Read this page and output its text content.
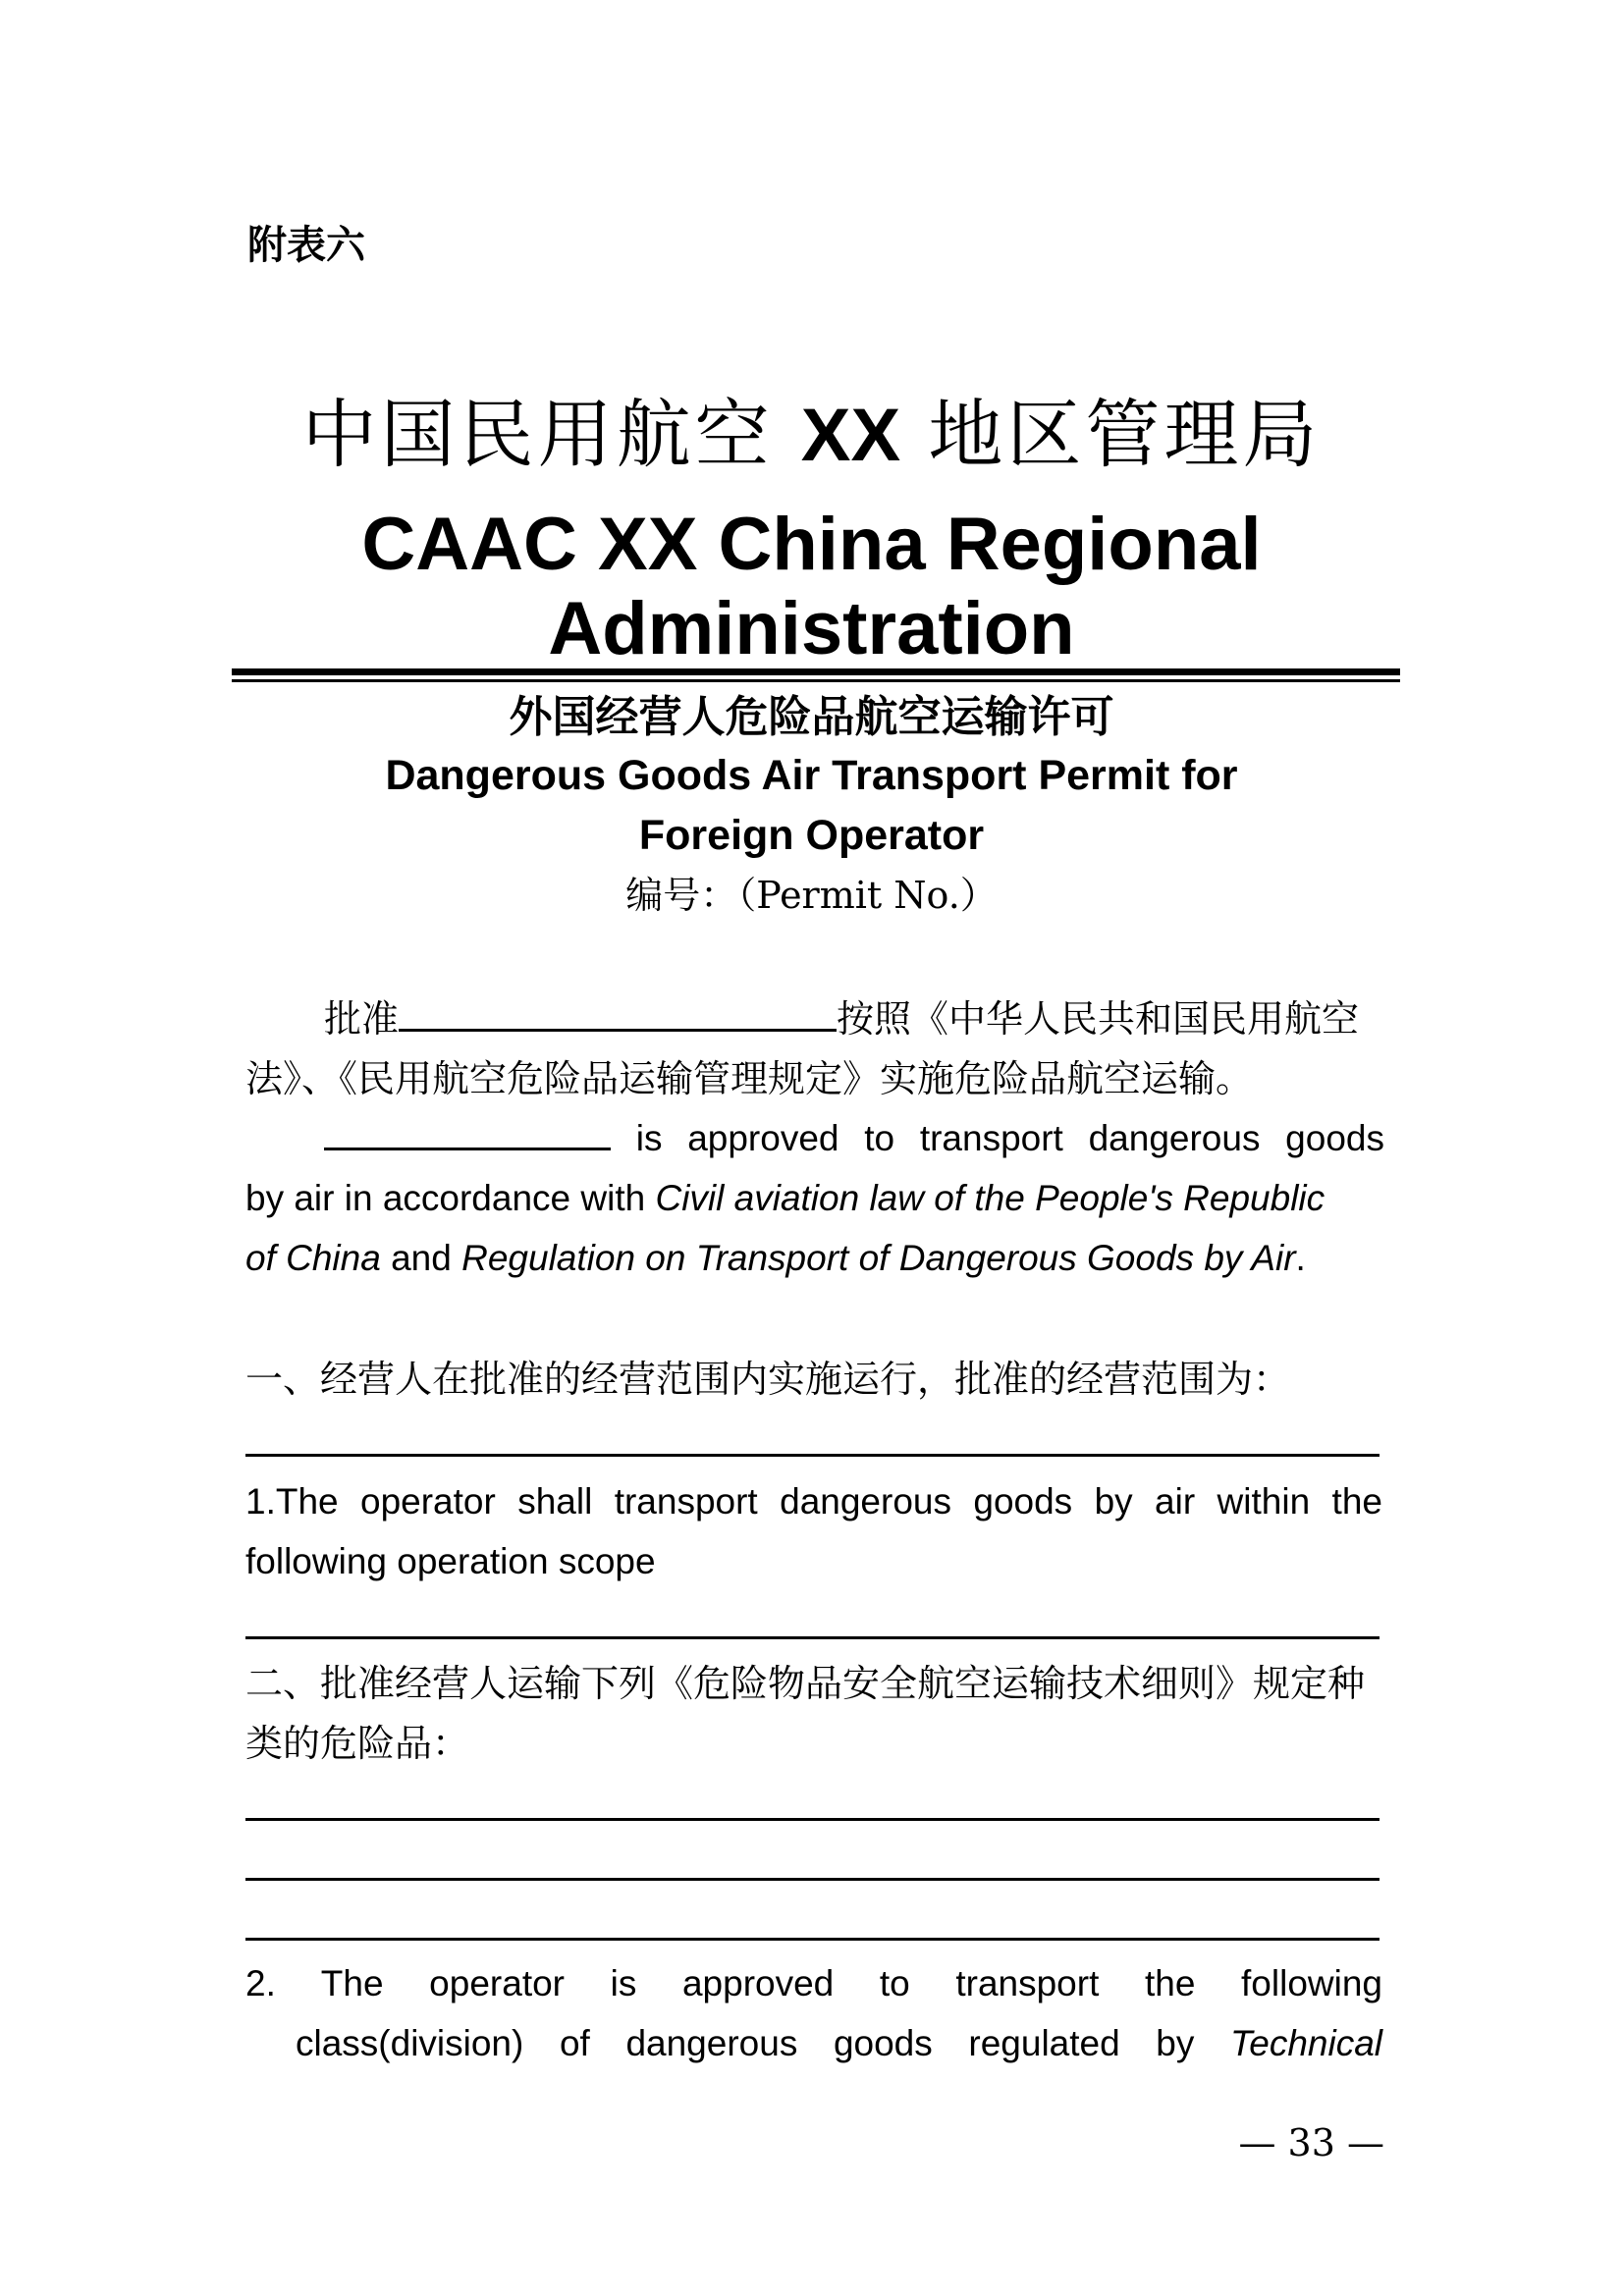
附表六
中国民用航空 XX 地区管理局
CAAC XX China Regional
Administration
外国经营人危险品航空运输许可
Dangerous Goods Air Transport Permit for
Foreign Operator
编号：（Permit No.）
批准	按照《中华人民共和国民用航空
法》、《民用航空危险品运输管理规定》实施危险品航空运输。
is approved to transport dangerous goods
by air in accordance with Civil aviation law of the People's Republic
of China and Regulation on Transport of Dangerous Goods by Air.
一、经营人在批准的经营范围内实施运行，批准的经营范围为：
1.The operator shall transport dangerous goods by air within the
following operation scope
二、批准经营人运输下列《危险物品安全航空运输技术细则》规定种
类的危险品：
2. The operator is approved to transport the following
class(division) of dangerous goods regulated by Technical
— 33 —
